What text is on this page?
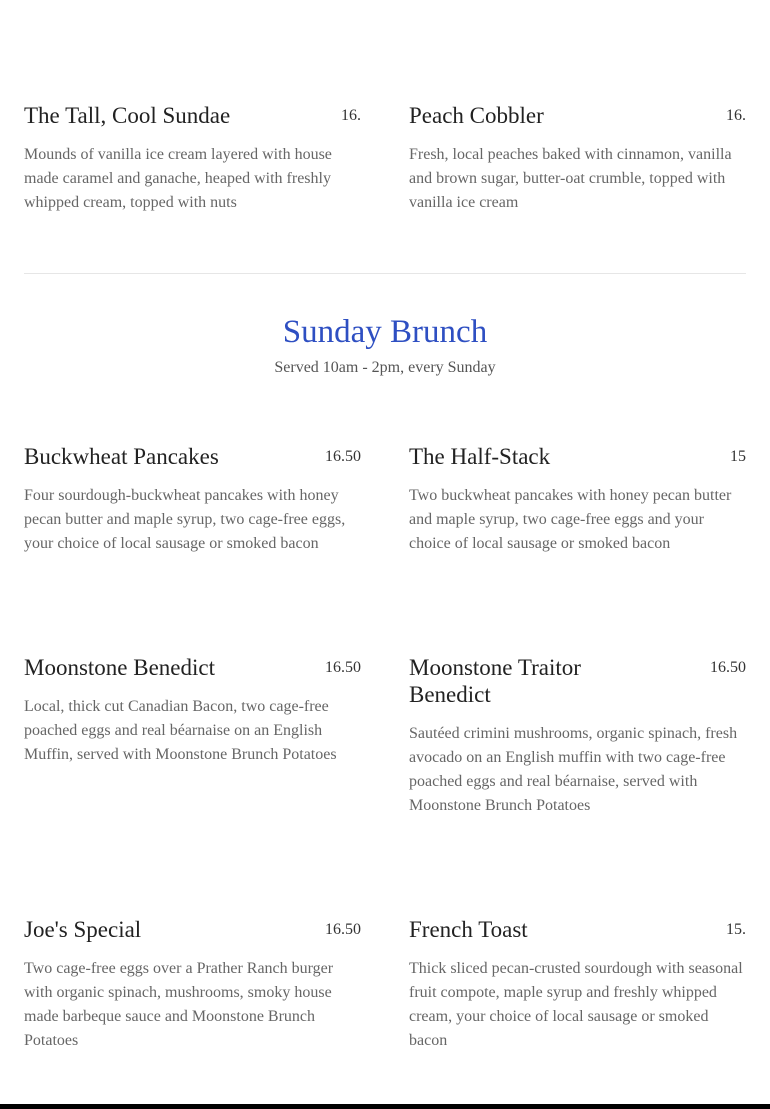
The Tall, Cool Sundae	16.
Mounds of vanilla ice cream layered with house made caramel and ganache, heaped with freshly whipped cream, topped with nuts
Peach Cobbler	16.
Fresh, local peaches baked with cinnamon, vanilla and brown sugar, butter-oat crumble, topped with vanilla ice cream
Sunday Brunch
Served 10am - 2pm, every Sunday
Buckwheat Pancakes	16.50
Four sourdough-buckwheat pancakes with honey pecan butter and maple syrup, two cage-free eggs, your choice of local sausage or smoked bacon
The Half-Stack	15
Two buckwheat pancakes with honey pecan butter and maple syrup, two cage-free eggs and your choice of local sausage or smoked bacon
Moonstone Benedict	16.50
Local, thick cut Canadian Bacon, two cage-free poached eggs and real béarnaise on an English Muffin, served with Moonstone Brunch Potatoes
Moonstone Traitor Benedict
16.50
Sautéed crimini mushrooms, organic spinach, fresh avocado on an English muffin with two cage-free poached eggs and real béarnaise, served with Moonstone Brunch Potatoes
Joe's Special	16.50
Two cage-free eggs over a Prather Ranch burger with organic spinach, mushrooms, smoky house made barbeque sauce and Moonstone Brunch Potatoes
French Toast	15.
Thick sliced pecan-crusted sourdough with seasonal fruit compote, maple syrup and freshly whipped cream, your choice of local sausage or smoked bacon
